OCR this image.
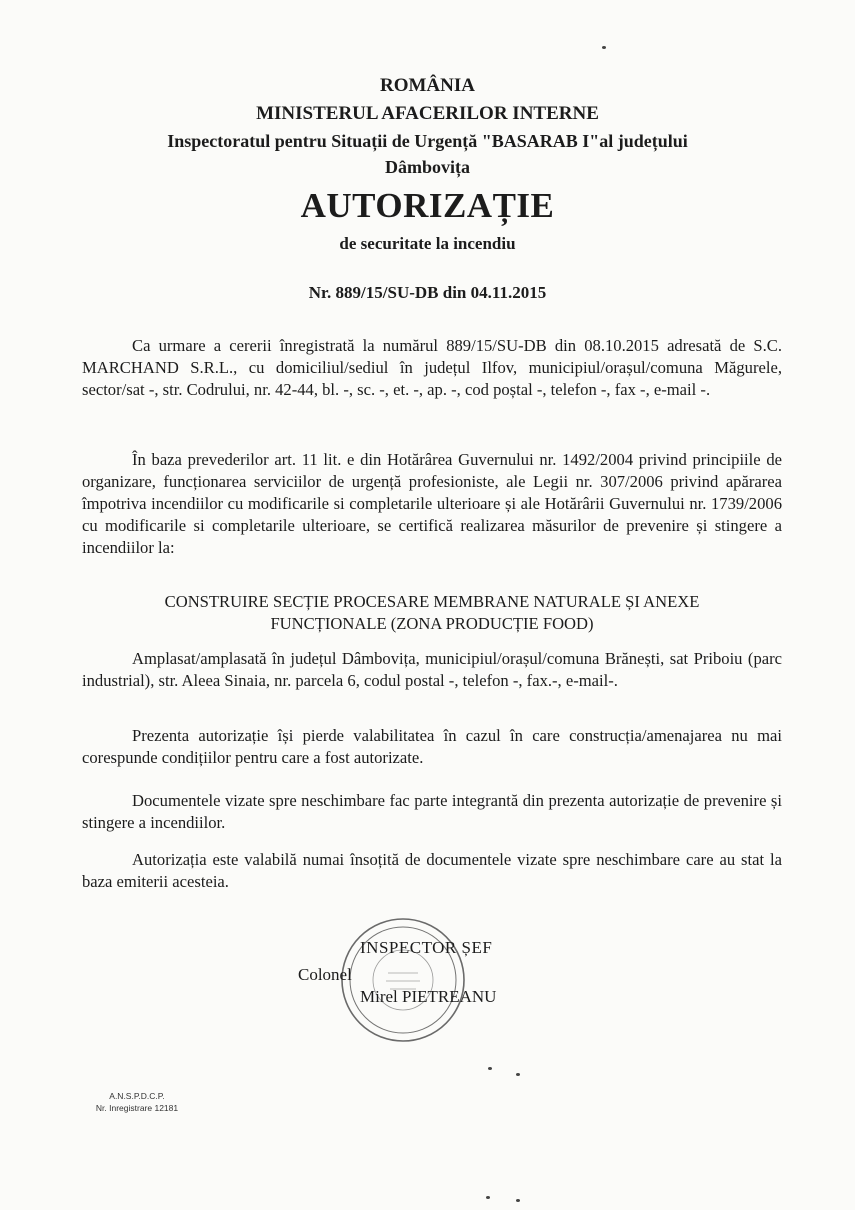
ROMÂNIA
MINISTERUL AFACERILOR INTERNE
Inspectoratul pentru Situații de Urgență "BASARAB I"al județului
Dâmbovița
AUTORIZAȚIE
de securitate la incendiu
Nr. 889/15/SU-DB din 04.11.2015

Ca urmare a cererii înregistrată la numărul 889/15/SU-DB din 08.10.2015 adresată de S.C. MARCHAND S.R.L., cu domiciliul/sediul în județul Ilfov, municipiul/orașul/comuna Măgurele, sector/sat -, str. Codrului, nr. 42-44, bl. -, sc. -, et. -, ap. -, cod poștal -, telefon -, fax -, e-mail -.

În baza prevederilor art. 11 lit. e din Hotărârea Guvernului nr. 1492/2004 privind principiile de organizare, funcționarea serviciilor de urgență profesioniste, ale Legii nr. 307/2006 privind apărarea împotriva incendiilor cu modificarile si completarile ulterioare și ale Hotărârii Guvernului nr. 1739/2006 cu modificarile si completarile ulterioare, se certifică realizarea măsurilor de prevenire și stingere a incendiilor la:

CONSTRUIRE SECȚIE PROCESARE MEMBRANE NATURALE ȘI ANEXE
FUNCȚIONALE (ZONA PRODUCȚIE FOOD)

Amplasat/amplasată în județul Dâmbovița, municipiul/orașul/comuna Brănești, sat Priboiu (parc industrial), str. Aleea Sinaia, nr. parcela 6, codul postal -, telefon -, fax.-, e-mail-.

Prezenta autorizație își pierde valabilitatea în cazul în care construcția/amenajarea nu mai corespunde condițiilor pentru care a fost autorizate.

Documentele vizate spre neschimbare fac parte integrantă din prezenta autorizație de prevenire și stingere a incendiilor.

Autorizația este valabilă numai însoțită de documentele vizate spre neschimbare care au stat la baza emiterii acesteia.

INSPECTOR ȘEF
Colonel
Mirel PIETREANU
A.N.S.P.D.C.P.
Nr. Inregistrare 12181
